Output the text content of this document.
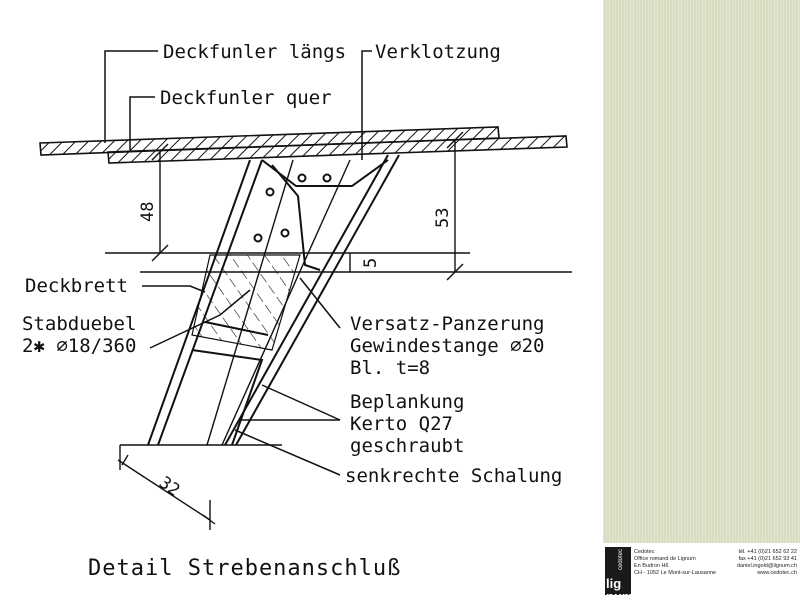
Deckfunler längs Verklotzung
Deckfunler quer
Deckbrett
Stabduebel
2✱ ⌀18/360
Versatz-Panzerung
Gewindestange ⌀20
Bl. t=8
Beplankung
Kerto Q27
geschraubt
senkrechte Schalung
48	53
5
32
Detail Strebenanschluß	cedotec
lig num
Cedotec
Office romand de Lignum
En Budron H6
CH - 1052 Le Mont-sur-Lausanne
tél. +41 (0)21 652 62 22
fax +41 (0)21 652 93 41
daniel.ingold@lignum.ch
www.cedotec.ch
